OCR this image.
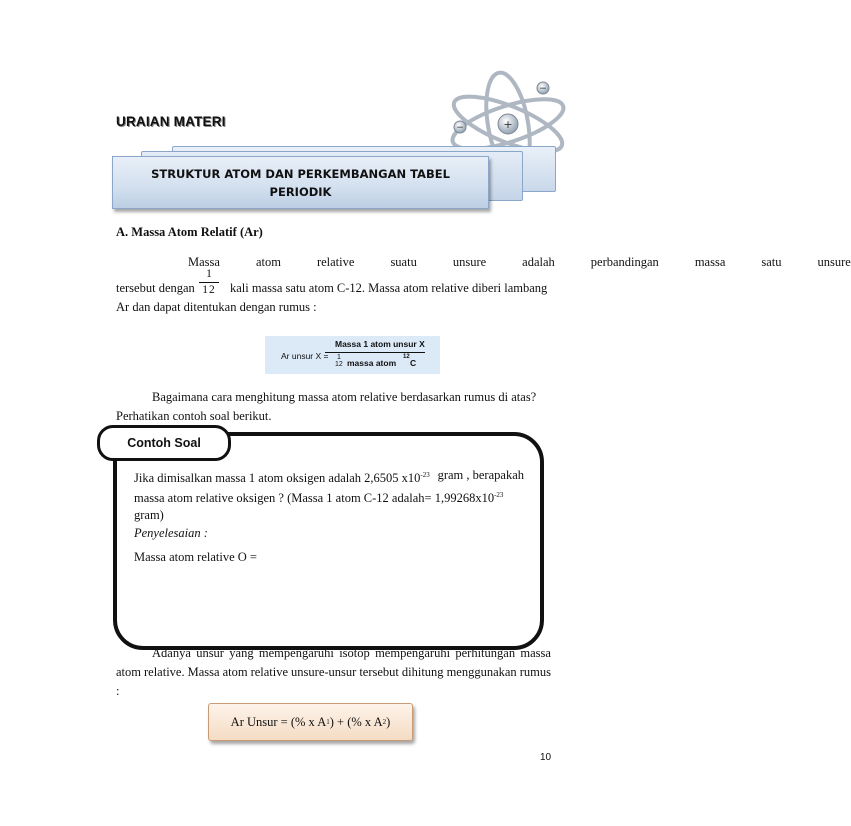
+
−
−
URAIAN MATERI
STRUKTUR ATOM DAN PERKEMBANGAN TABEL
PERIODIK
A. Massa Atom Relatif (Ar)
Massa	atom	relative	suatu	unsure	adalah	perbandingan	massa	satu	unsure
tersebut dengan
1
12 kali massa satu atom C-12. Massa atom relative diberi lambang
Ar dan dapat ditentukan dengan rumus :
Ar unsur X =
Massa 1 atom unsur X
1
12 massa atom
12
C
Bagaimana cara menghitung massa atom relative berdasarkan rumus di atas?
Perhatikan contoh soal berikut.
Contoh Soal
Jika dimisalkan massa 1 atom oksigen adalah 2,6505 $x10^{-23}$ gram , berapakah
massa atom relative oksigen ? (Massa 1 atom C-12 adalah= $1,99268x10^{-23}$
gram)
Penyelesaian :
Massa atom relative O =
Adanya unsur yang mempengaruhi isotop mempengaruhi perhitungan massa
atom relative. Massa atom relative unsure-unsur tersebut dihitung menggunakan rumus
:
Ar Unsur = (% x A 1 ) + (% x A 2 )
10
